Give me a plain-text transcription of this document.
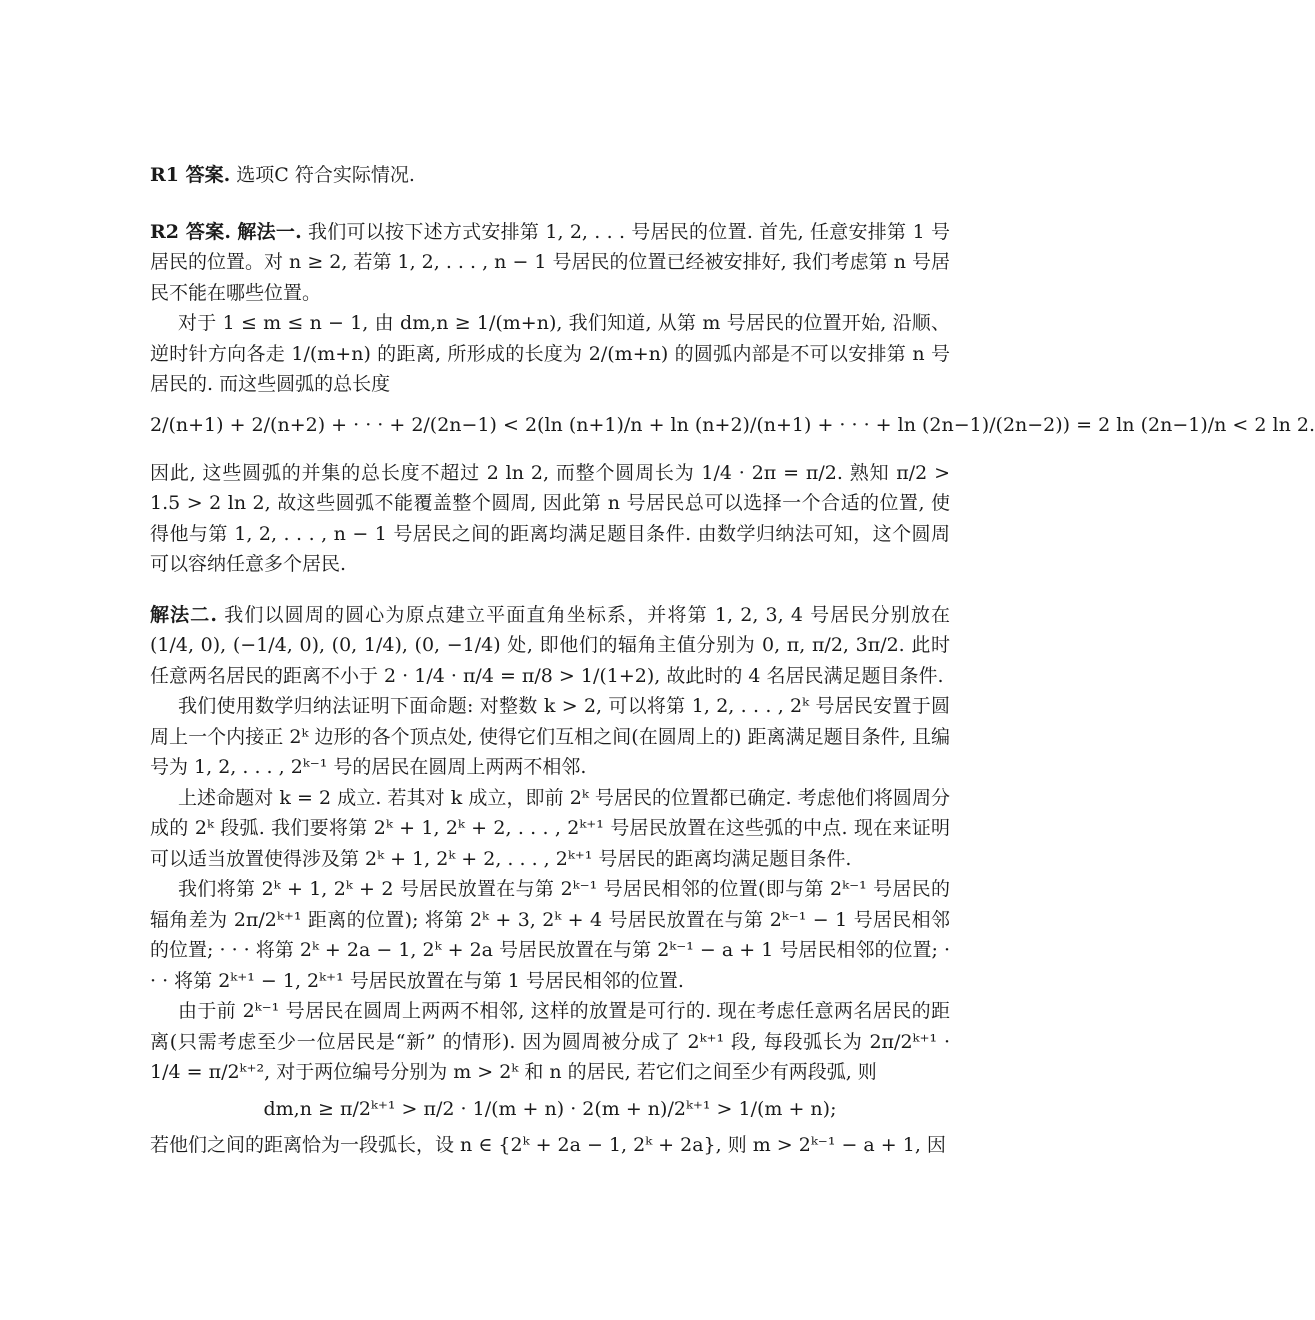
R1 答案. 选项C 符合实际情况.

R2 答案. 解法一. 我们可以按下述方式安排第 1, 2, . . . 号居民的位置. 首先, 任意安排第 1 号居民的位置。对 n ≥ 2, 若第 1, 2, . . . , n − 1 号居民的位置已经被安排好, 我们考虑第 n 号居民不能在哪些位置。

对于 1 ≤ m ≤ n − 1, 由 dm,n ≥ 1/(m+n), 我们知道, 从第 m 号居民的位置开始, 沿顺、逆时针方向各走 1/(m+n) 的距离, 所形成的长度为 2/(m+n) 的圆弧内部是不可以安排第 n 号居民的. 而这些圆弧的总长度

2/(n+1) + 2/(n+2) + · · · + 2/(2n−1) < 2(ln (n+1)/n + ln (n+2)/(n+1) + · · · + ln (2n−1)/(2n−2)) = 2 ln (2n−1)/n < 2 ln 2.

因此, 这些圆弧的并集的总长度不超过 2 ln 2, 而整个圆周长为 1/4 · 2π = π/2. 熟知 π/2 > 1.5 > 2 ln 2, 故这些圆弧不能覆盖整个圆周, 因此第 n 号居民总可以选择一个合适的位置, 使得他与第 1, 2, . . . , n − 1 号居民之间的距离均满足题目条件. 由数学归纳法可知，这个圆周可以容纳任意多个居民.

解法二. 我们以圆周的圆心为原点建立平面直角坐标系，并将第 1, 2, 3, 4 号居民分别放在 (1/4, 0), (−1/4, 0), (0, 1/4), (0, −1/4) 处, 即他们的辐角主值分别为 0, π, π/2, 3π/2. 此时任意两名居民的距离不小于 2 · 1/4 · π/4 = π/8 > 1/(1+2), 故此时的 4 名居民满足题目条件.

我们使用数学归纳法证明下面命题: 对整数 k > 2, 可以将第 1, 2, . . . , 2ᵏ 号居民安置于圆周上一个内接正 2ᵏ 边形的各个顶点处, 使得它们互相之间(在圆周上的) 距离满足题目条件, 且编号为 1, 2, . . . , 2ᵏ⁻¹ 号的居民在圆周上两两不相邻.

上述命题对 k = 2 成立. 若其对 k 成立，即前 2ᵏ 号居民的位置都已确定. 考虑他们将圆周分成的 2ᵏ 段弧. 我们要将第 2ᵏ + 1, 2ᵏ + 2, . . . , 2ᵏ⁺¹ 号居民放置在这些弧的中点. 现在来证明可以适当放置使得涉及第 2ᵏ + 1, 2ᵏ + 2, . . . , 2ᵏ⁺¹ 号居民的距离均满足题目条件.

我们将第 2ᵏ + 1, 2ᵏ + 2 号居民放置在与第 2ᵏ⁻¹ 号居民相邻的位置(即与第 2ᵏ⁻¹ 号居民的辐角差为 2π/2ᵏ⁺¹ 距离的位置); 将第 2ᵏ + 3, 2ᵏ + 4 号居民放置在与第 2ᵏ⁻¹ − 1 号居民相邻的位置; · · · 将第 2ᵏ + 2a − 1, 2ᵏ + 2a 号居民放置在与第 2ᵏ⁻¹ − a + 1 号居民相邻的位置; · · · 将第 2ᵏ⁺¹ − 1, 2ᵏ⁺¹ 号居民放置在与第 1 号居民相邻的位置.

由于前 2ᵏ⁻¹ 号居民在圆周上两两不相邻, 这样的放置是可行的. 现在考虑任意两名居民的距离(只需考虑至少一位居民是“新” 的情形). 因为圆周被分成了 2ᵏ⁺¹ 段, 每段弧长为 2π/2ᵏ⁺¹ · 1/4 = π/2ᵏ⁺², 对于两位编号分别为 m > 2ᵏ 和 n 的居民, 若它们之间至少有两段弧, 则

dm,n ≥ π/2ᵏ⁺¹ > π/2 · 1/(m + n) · 2(m + n)/2ᵏ⁺¹ > 1/(m + n);

若他们之间的距离恰为一段弧长，设 n ∈ {2ᵏ + 2a − 1, 2ᵏ + 2a}, 则 m > 2ᵏ⁻¹ − a + 1, 因
